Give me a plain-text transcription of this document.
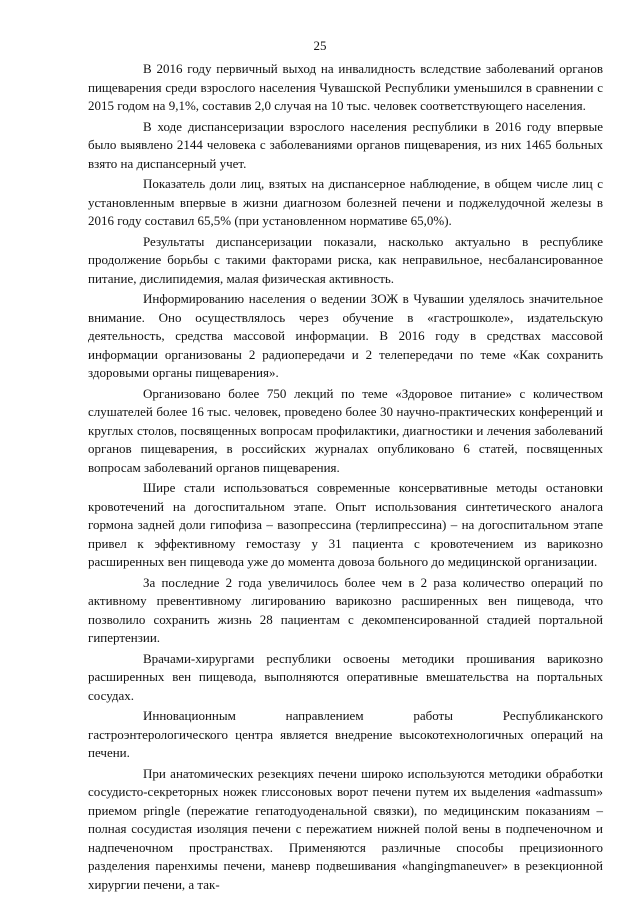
25

В 2016 году первичный выход на инвалидность вследствие заболеваний органов пищеварения среди взрослого населения Чувашской Республики уменьшился в сравнении с 2015 годом на 9,1%, составив 2,0 случая на 10 тыс. человек соответствующего населения.

В ходе диспансеризации взрослого населения республики в 2016 году впервые было выявлено 2144 человека с заболеваниями органов пищеварения, из них 1465 больных взято на диспансерный учет.

Показатель доли лиц, взятых на диспансерное наблюдение, в общем числе лиц с установленным впервые в жизни диагнозом болезней печени и поджелудочной железы в 2016 году составил 65,5% (при установленном нормативе 65,0%).

Результаты диспансеризации показали, насколько актуально в республике продолжение борьбы с такими факторами риска, как неправильное, несбалансированное питание, дислипидемия, малая физическая активность.

Информированию населения о ведении ЗОЖ в Чувашии уделялось значительное внимание. Оно осуществлялось через обучение в «гастрошколе», издательскую деятельность, средства массовой информации. В 2016 году в средствах массовой информации организованы 2 радиопередачи и 2 телепередачи по теме «Как сохранить здоровыми органы пищеварения».

Организовано более 750 лекций по теме «Здоровое питание» с количеством слушателей более 16 тыс. человек, проведено более 30 научно-практических конференций и круглых столов, посвященных вопросам профилактики, диагностики и лечения заболеваний органов пищеварения, в российских журналах опубликовано 6 статей, посвященных вопросам заболеваний органов пищеварения.

Шире стали использоваться современные консервативные методы остановки кровотечений на догоспитальном этапе. Опыт использования синтетического аналога гормона задней доли гипофиза – вазопрессина (терлипрессина) – на догоспитальном этапе привел к эффективному гемостазу у 31 пациента с кровотечением из варикозно расширенных вен пищевода уже до момента довоза больного до медицинской организации.

За последние 2 года увеличилось более чем в 2 раза количество операций по активному превентивному лигированию варикозно расширенных вен пищевода, что позволило сохранить жизнь 28 пациентам с декомпенсированной стадией портальной гипертензии.

Врачами-хирургами республики освоены методики прошивания варикозно расширенных вен пищевода, выполняются оперативные вмешательства на портальных сосудах.

Инновационным направлением работы Республиканского гастроэнтерологического центра является внедрение высокотехнологичных операций на печени.

При анатомических резекциях печени широко используются методики обработки сосудисто-секреторных ножек глиссоновых ворот печени путем их выделения «admassum» приемом pringle (пережатие гепатодуоденальной связки), по медицинским показаниям – полная сосудистая изоляция печени с пережатием нижней полой вены в подпеченочном и надпеченочном пространствах. Применяются различные способы прецизионного разделения паренхимы печени, маневр подвешивания «hangingmaneuver» в резекционной хирургии печени, а так-
